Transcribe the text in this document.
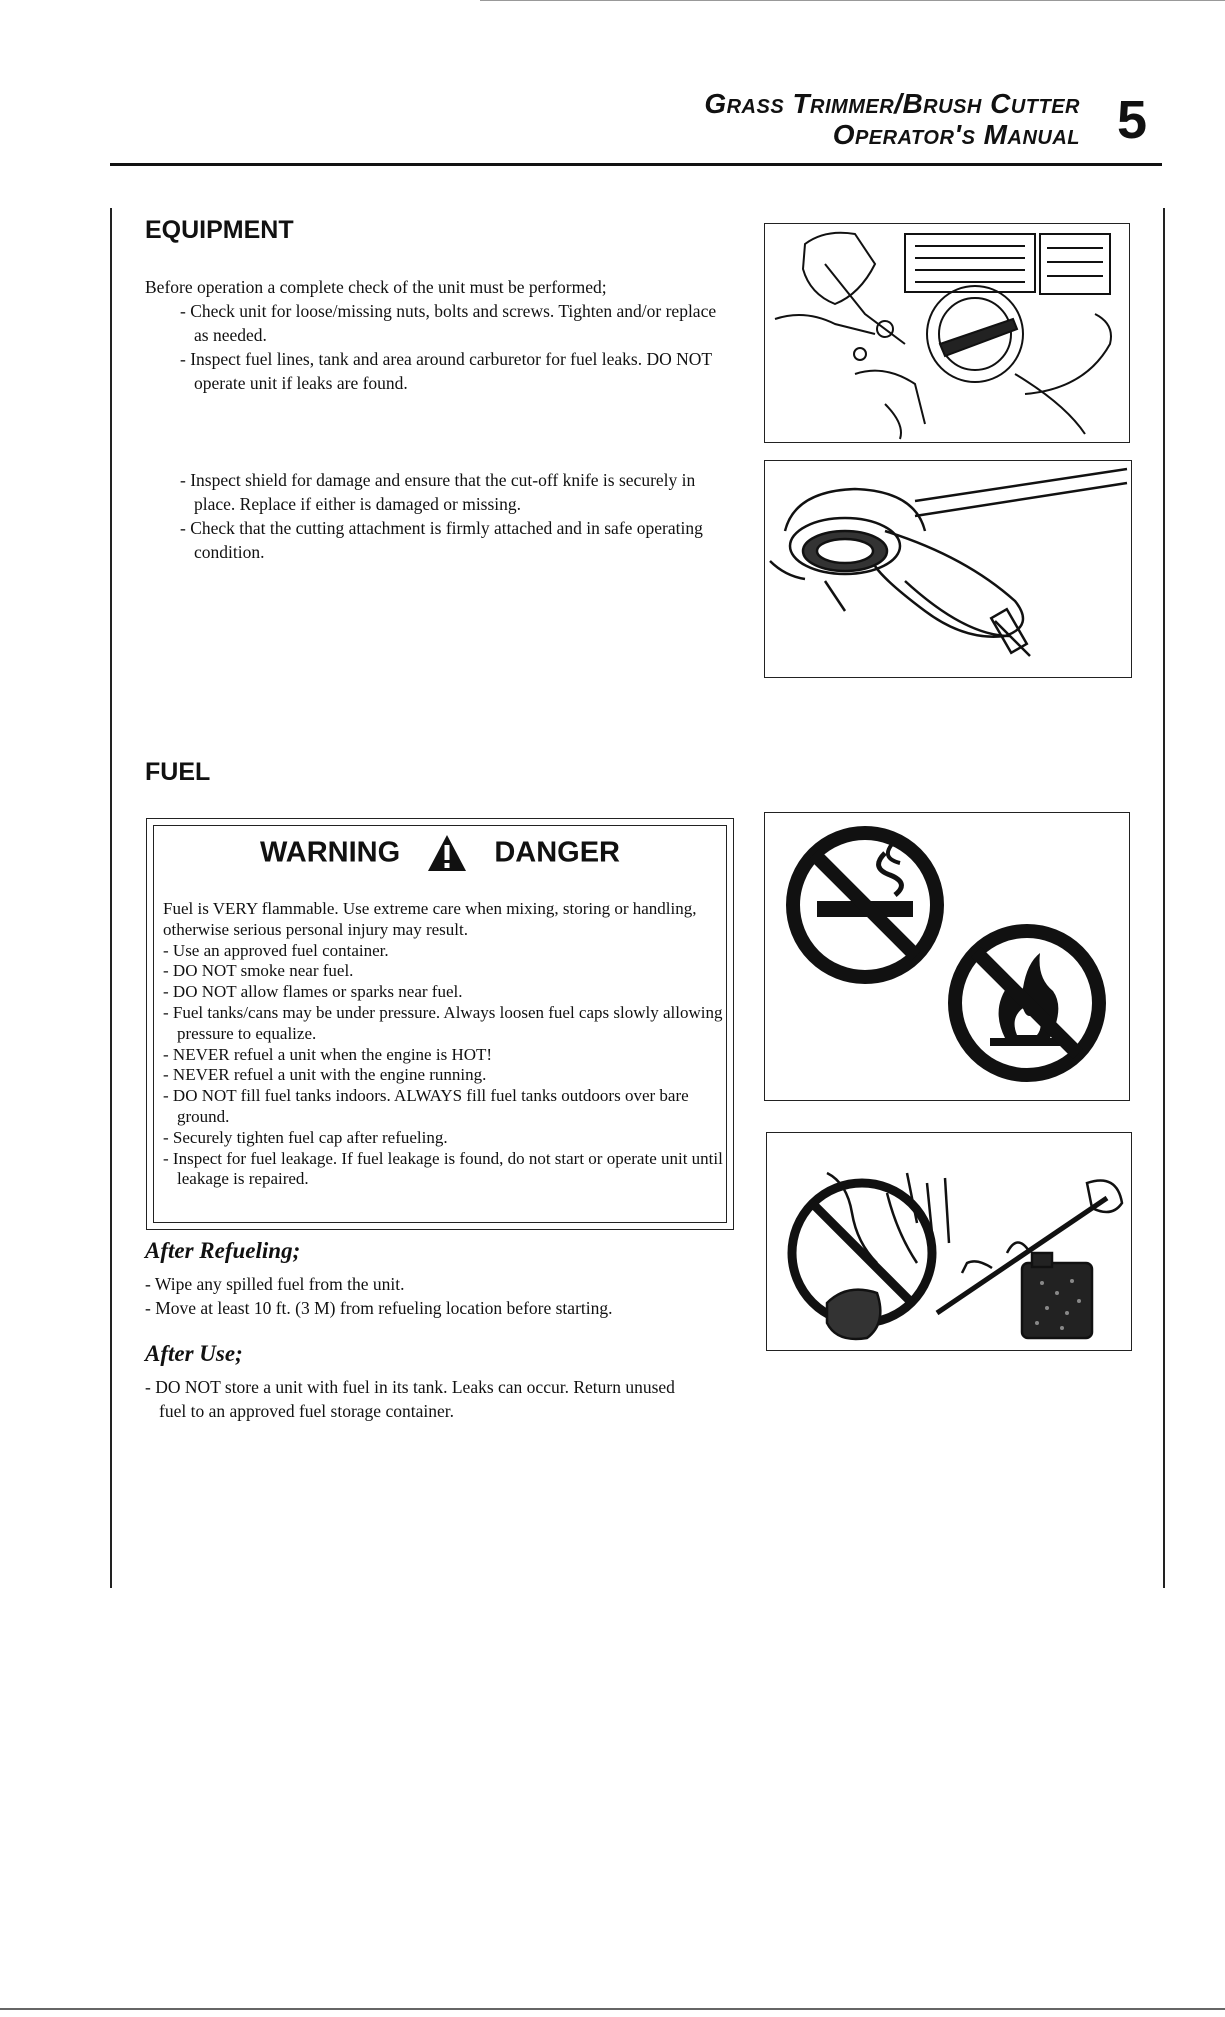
Grass Trimmer/Brush Cutter
Operator's Manual 5
EQUIPMENT
Before operation a complete check of the unit must be performed;
- Check unit for loose/missing nuts, bolts and screws. Tighten and/or replace as needed.
- Inspect fuel lines, tank and area around carburetor for fuel leaks. DO NOT operate unit if leaks are found.
- Inspect shield for damage and ensure that the cut-off knife is securely in place. Replace if either is damaged or missing.
- Check that the cutting attachment is firmly attached and in safe operating condition.
FUEL
WARNING	DANGER
Fuel is VERY flammable. Use extreme care when mixing, storing or handling, otherwise serious personal injury may result.
- Use an approved fuel container.
- DO NOT smoke near fuel.
- DO NOT allow flames or sparks near fuel.
- Fuel tanks/cans may be under pressure. Always loosen fuel caps slowly allowing pressure to equalize.
- NEVER refuel a unit when the engine is HOT!
- NEVER refuel a unit with the engine running.
- DO NOT fill fuel tanks indoors. ALWAYS fill fuel tanks outdoors over bare ground.
- Securely tighten fuel cap after refueling.
- Inspect for fuel leakage. If fuel leakage is found, do not start or operate unit until leakage is repaired.
After Refueling;
- Wipe any spilled fuel from the unit.
- Move at least 10 ft. (3 M) from refueling location before starting.
After Use;
- DO NOT store a unit with fuel in its tank. Leaks can occur. Return unused fuel to an approved fuel storage container.
